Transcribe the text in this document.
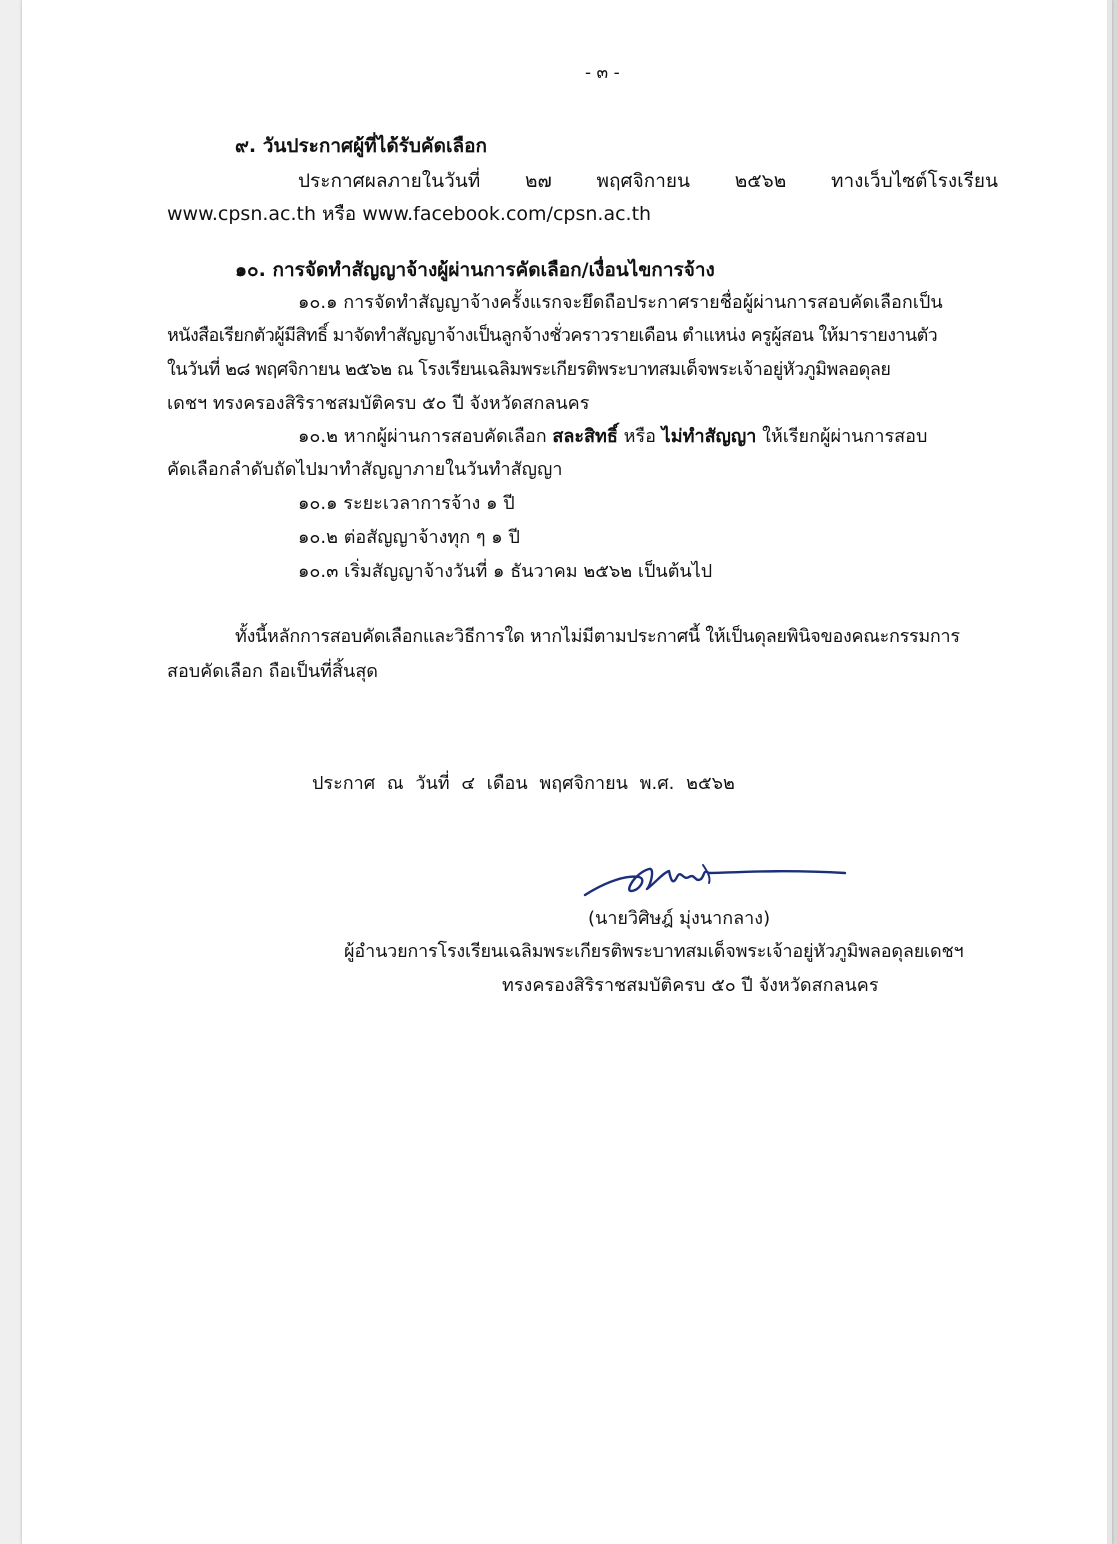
- ๓ -
๙. วันประกาศผู้ที่ได้รับคัดเลือก
ประกาศผลภายในวันที่ ๒๗ พฤศจิกายน ๒๕๖๒ ทางเว็บไซต์โรงเรียน
www.cpsn.ac.th หรือ www.facebook.com/cpsn.ac.th
๑๐. การจัดทำสัญญาจ้างผู้ผ่านการคัดเลือก/เงื่อนไขการจ้าง
๑๐.๑ การจัดทำสัญญาจ้างครั้งแรกจะยึดถือประกาศรายชื่อผู้ผ่านการสอบคัดเลือกเป็น
หนังสือเรียกตัวผู้มีสิทธิ์ มาจัดทำสัญญาจ้างเป็นลูกจ้างชั่วคราวรายเดือน ตำแหน่ง ครูผู้สอน ให้มารายงานตัว
ในวันที่ ๒๘ พฤศจิกายน ๒๕๖๒ ณ โรงเรียนเฉลิมพระเกียรติพระบาทสมเด็จพระเจ้าอยู่หัวภูมิพลอดุลย
เดชฯ ทรงครองสิริราชสมบัติครบ ๕๐ ปี จังหวัดสกลนคร
๑๐.๒ หากผู้ผ่านการสอบคัดเลือก สละสิทธิ์ หรือ ไม่ทำสัญญา ให้เรียกผู้ผ่านการสอบ
คัดเลือกลำดับถัดไปมาทำสัญญาภายในวันทำสัญญา
๑๐.๑ ระยะเวลาการจ้าง ๑ ปี
๑๐.๒ ต่อสัญญาจ้างทุก ๆ ๑ ปี
๑๐.๓ เริ่มสัญญาจ้างวันที่ ๑ ธันวาคม ๒๕๖๒ เป็นต้นไป
ทั้งนี้หลักการสอบคัดเลือกและวิธีการใด หากไม่มีตามประกาศนี้ ให้เป็นดุลยพินิจของคณะกรรมการ
สอบคัดเลือก ถือเป็นที่สิ้นสุด
ประกาศ ณ วันที่ ๔ เดือน พฤศจิกายน พ.ศ. ๒๕๖๒
(นายวิศิษฎ์ มุ่งนากลาง)
ผู้อำนวยการโรงเรียนเฉลิมพระเกียรติพระบาทสมเด็จพระเจ้าอยู่หัวภูมิพลอดุลยเดชฯ
ทรงครองสิริราชสมบัติครบ ๕๐ ปี จังหวัดสกลนคร
